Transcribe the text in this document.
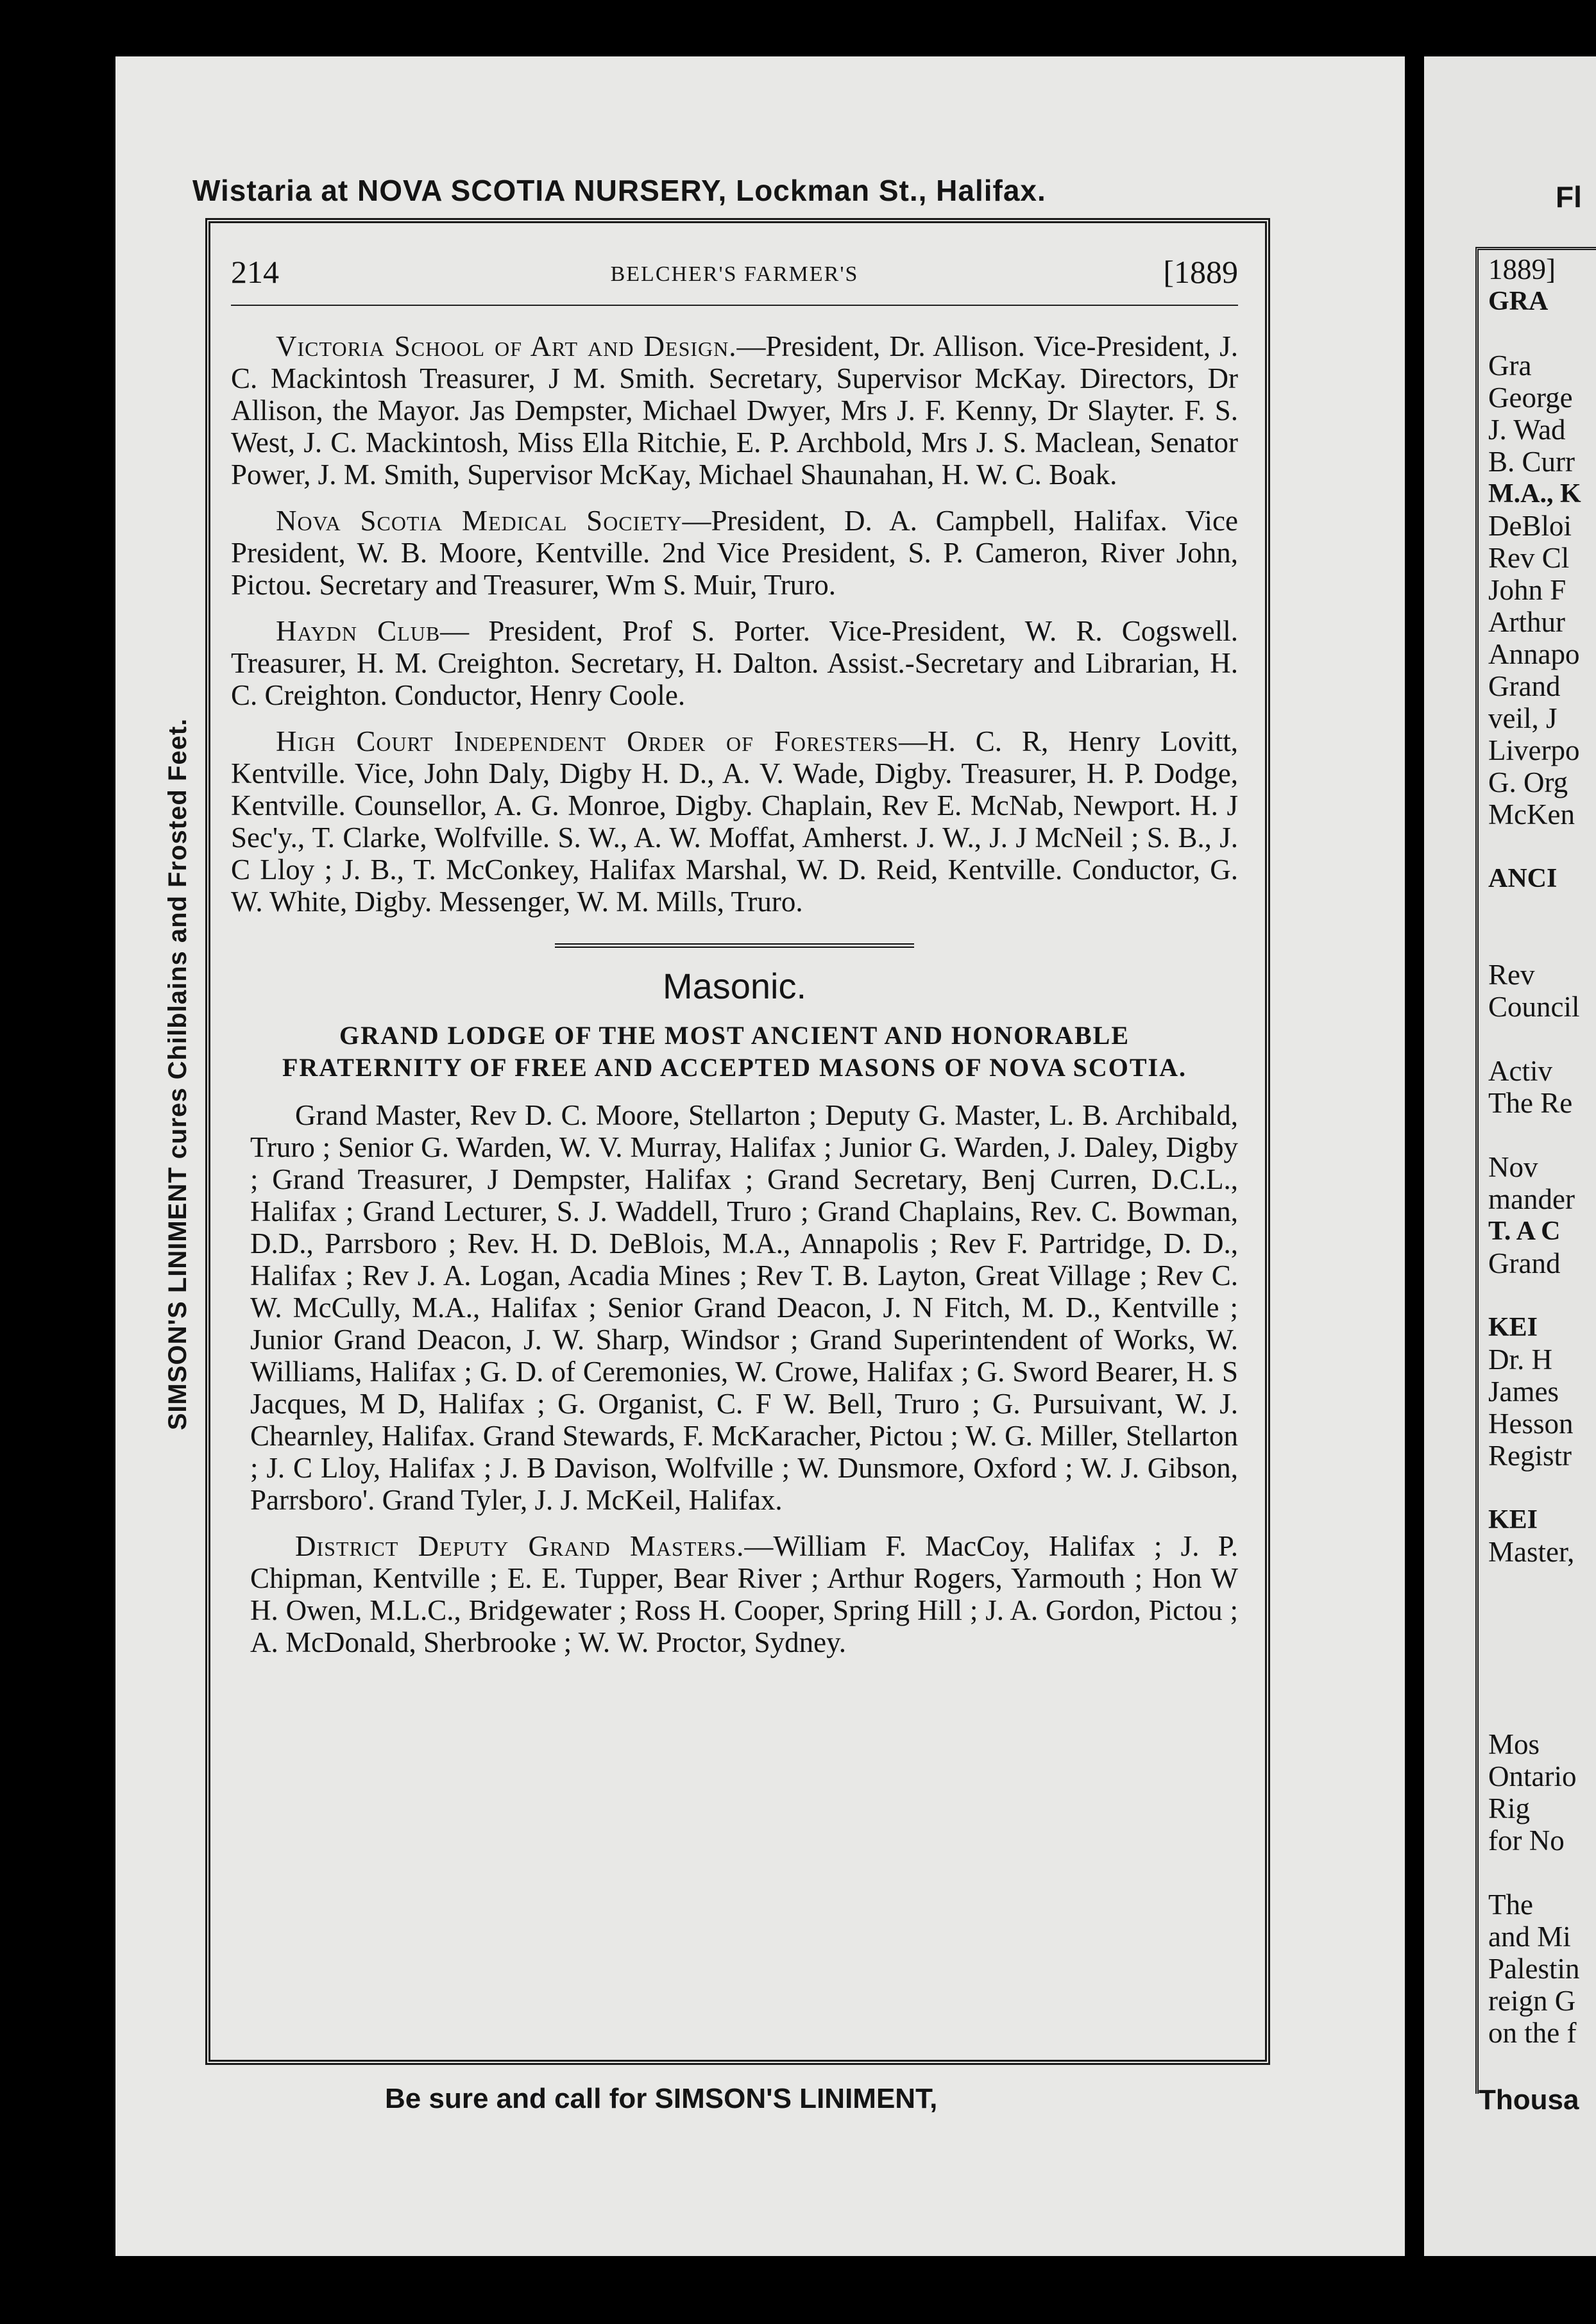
Wistaria at NOVA SCOTIA NURSERY, Lockman St., Halifax.
SIMSON'S LINIMENT cures Chilblains and Frosted Feet.
Be sure and call for SIMSON'S LINIMENT,
214	BELCHER'S FARMER'S	[1889

Victoria School of Art and Design.—President, Dr. Allison. Vice-President, J. C. Mackintosh Treasurer, J M. Smith. Secretary, Supervisor McKay. Directors, Dr Allison, the Mayor. Jas Dempster, Michael Dwyer, Mrs J. F. Kenny, Dr Slayter. F. S. West, J. C. Mackintosh, Miss Ella Ritchie, E. P. Archbold, Mrs J. S. Maclean, Senator Power, J. M. Smith, Supervisor McKay, Michael Shaunahan, H. W. C. Boak.

Nova Scotia Medical Society—President, D. A. Campbell, Halifax. Vice President, W. B. Moore, Kentville. 2nd Vice President, S. P. Cameron, River John, Pictou. Secretary and Treasurer, Wm S. Muir, Truro.

Haydn Club— President, Prof S. Porter. Vice-President, W. R. Cogswell. Treasurer, H. M. Creighton. Secretary, H. Dalton. Assist.-Secretary and Librarian, H. C. Creighton. Conductor, Henry Coole.

High Court Independent Order of Foresters—H. C. R, Henry Lovitt, Kentville. Vice, John Daly, Digby H. D., A. V. Wade, Digby. Treasurer, H. P. Dodge, Kentville. Counsellor, A. G. Monroe, Digby. Chaplain, Rev E. McNab, Newport. H. J Sec'y., T. Clarke, Wolfville. S. W., A. W. Moffat, Amherst. J. W., J. J McNeil ; S. B., J. C Lloy ; J. B., T. McConkey, Halifax Marshal, W. D. Reid, Kentville. Conductor, G. W. White, Digby. Messenger, W. M. Mills, Truro.

Masonic.
GRAND LODGE OF THE MOST ANCIENT AND HONORABLE FRATERNITY OF FREE AND ACCEPTED MASONS OF NOVA SCOTIA.

Grand Master, Rev D. C. Moore, Stellarton ; Deputy G. Master, L. B. Archibald, Truro ; Senior G. Warden, W. V. Murray, Halifax ; Junior G. Warden, J. Daley, Digby ; Grand Treasurer, J Dempster, Halifax ; Grand Secretary, Benj Curren, D.C.L., Halifax ; Grand Lecturer, S. J. Waddell, Truro ; Grand Chaplains, Rev. C. Bowman, D.D., Parrsboro ; Rev. H. D. DeBlois, M.A., Annapolis ; Rev F. Partridge, D. D., Halifax ; Rev J. A. Logan, Acadia Mines ; Rev T. B. Layton, Great Village ; Rev C. W. McCully, M.A., Halifax ; Senior Grand Deacon, J. N Fitch, M. D., Kentville ; Junior Grand Deacon, J. W. Sharp, Windsor ; Grand Superintendent of Works, W. Williams, Halifax ; G. D. of Ceremonies, W. Crowe, Halifax ; G. Sword Bearer, H. S Jacques, M D, Halifax ; G. Organist, C. F W. Bell, Truro ; G. Pursuivant, W. J. Chearnley, Halifax. Grand Stewards, F. McKaracher, Pictou ; W. G. Miller, Stellarton ; J. C Lloy, Halifax ; J. B Davison, Wolfville ; W. Dunsmore, Oxford ; W. J. Gibson, Parrsboro'. Grand Tyler, J. J. McKeil, Halifax.

District Deputy Grand Masters.—William F. MacCoy, Halifax ; J. P. Chipman, Kentville ; E. E. Tupper, Bear River ; Arthur Rogers, Yarmouth ; Hon W H. Owen, M.L.C., Bridgewater ; Ross H. Cooper, Spring Hill ; J. A. Gordon, Pictou ; A. McDonald, Sherbrooke ; W. W. Proctor, Sydney.

1889]
GRA

Gra
George
J. Wad
B. Curr
M.A., K
DeBloi
Rev Cl
John F
Arthur
Annapo
Grand
veil, J
Liverpo
G. Org
McKen

ANCI

Rev
Council

Activ
The Re

Nov
mander
T. A C
Grand

KEI
Dr. H
James
Hesson
Registr

KEI
Master,

Mos
Ontario
Rig
for No

The
and Mi
Palestin
reign G
on the f
Fl
Thousa
